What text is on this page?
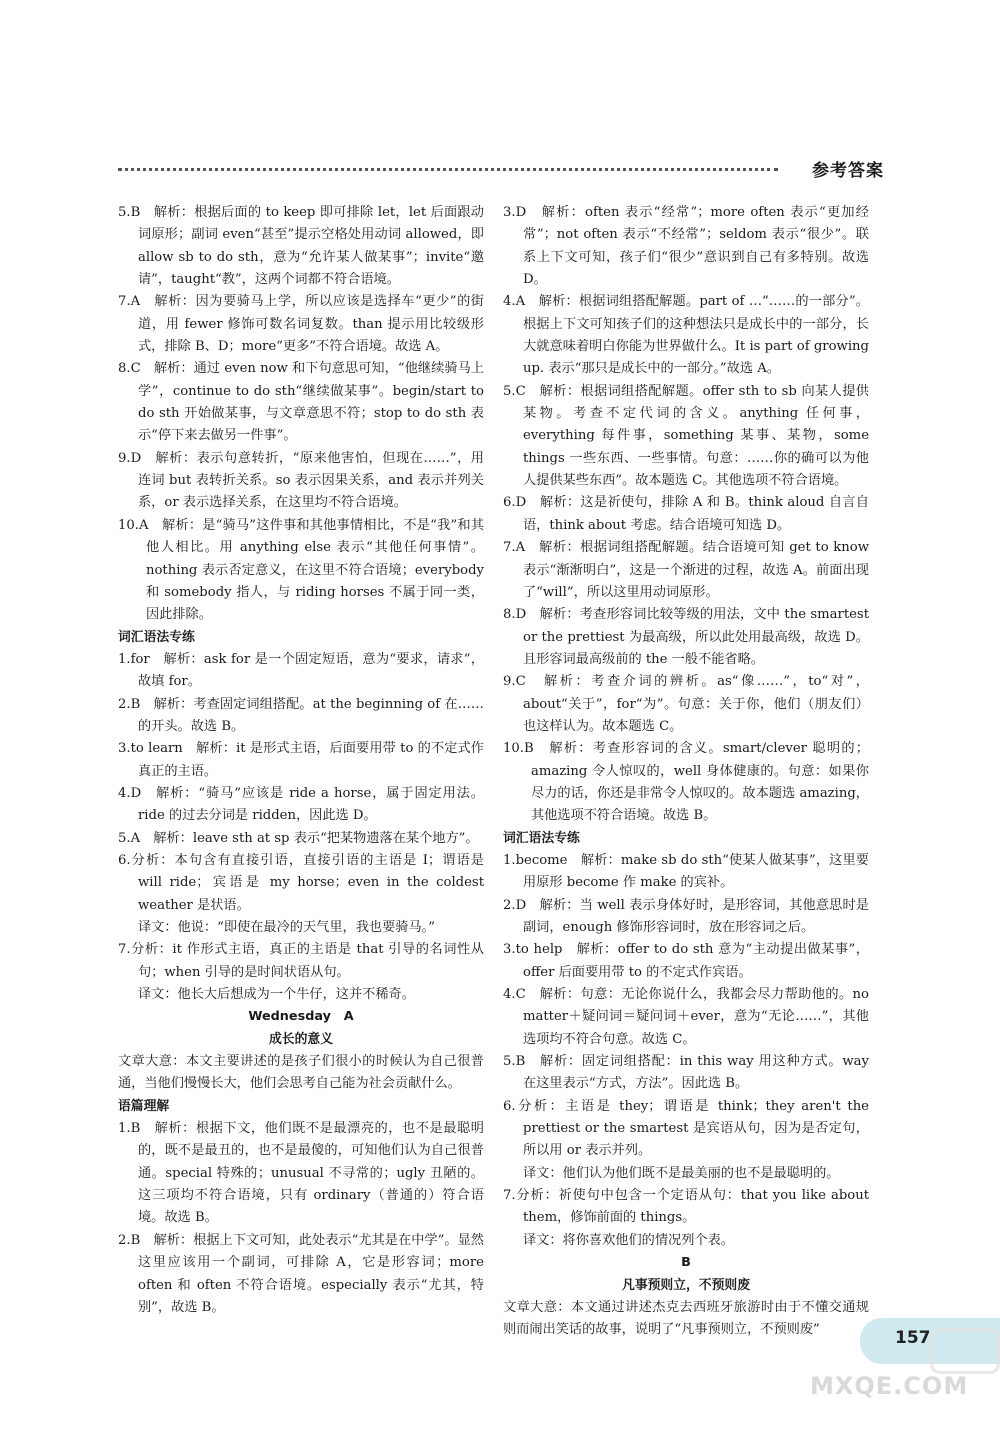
参考答案

5.B　解析：根据后面的 to keep 即可排除 let，let 后面跟动词原形；副词 even“甚至”提示空格处用动词 allowed，即 allow sb to do sth，意为“允许某人做某事”；invite“邀请”，taught“教”，这两个词都不符合语境。

7.A　解析：因为要骑马上学，所以应该是选择车“更少”的街道，用 fewer 修饰可数名词复数。than 提示用比较级形式，排除 B、D；more“更多”不符合语境。故选 A。

8.C　解析：通过 even now 和下句意思可知，“他继续骑马上学”，continue to do sth“继续做某事”。begin/start to do sth 开始做某事，与文章意思不符；stop to do sth 表示“停下来去做另一件事”。

9.D　解析：表示句意转折，“原来他害怕，但现在……”，用连词 but 表转折关系。so 表示因果关系，and 表示并列关系，or 表示选择关系，在这里均不符合语境。

10.A　解析：是“骑马”这件事和其他事情相比，不是“我”和其他人相比。用 anything else 表示“其他任何事情”。nothing 表示否定意义，在这里不符合语境；everybody 和 somebody 指人，与 riding horses 不属于同一类，因此排除。

词汇语法专练

1.for　解析：ask for 是一个固定短语，意为“要求，请求”，故填 for。

2.B　解析：考查固定词组搭配。at the beginning of 在……的开头。故选 B。

3.to learn　解析：it 是形式主语，后面要用带 to 的不定式作真正的主语。

4.D　解析：“骑马”应该是 ride a horse，属于固定用法。ride 的过去分词是 ridden，因此选 D。

5.A　解析：leave sth at sp 表示“把某物遗落在某个地方”。

6.分析：本句含有直接引语，直接引语的主语是 I；谓语是 will ride；宾语是 my horse；even in the coldest weather 是状语。

译文：他说：“即使在最冷的天气里，我也要骑马。”

7.分析：it 作形式主语，真正的主语是 that 引导的名词性从句；when 引导的是时间状语从句。

译文：他长大后想成为一个牛仔，这并不稀奇。

Wednesday　A

成长的意义

文章大意：本文主要讲述的是孩子们很小的时候认为自己很普通，当他们慢慢长大，他们会思考自己能为社会贡献什么。

语篇理解

1.B　解析：根据下文，他们既不是最漂亮的，也不是最聪明的，既不是最丑的，也不是最傻的，可知他们认为自己很普通。special 特殊的；unusual 不寻常的；ugly 丑陋的。这三项均不符合语境，只有 ordinary（普通的）符合语境。故选 B。

2.B　解析：根据上下文可知，此处表示“尤其是在中学”。显然这里应该用一个副词，可排除 A，它是形容词；more often 和 often 不符合语境。especially 表示“尤其，特别”，故选 B。

3.D　解析：often 表示“经常”；more often 表示“更加经常”；not often 表示“不经常”；seldom 表示“很少”。联系上下文可知，孩子们“很少”意识到自己有多特别。故选 D。

4.A　解析：根据词组搭配解题。part of …“……的一部分”。根据上下文可知孩子们的这种想法只是成长中的一部分，长大就意味着明白你能为世界做什么。It is part of growing up. 表示“那只是成长中的一部分。”故选 A。

5.C　解析：根据词组搭配解题。offer sth to sb 向某人提供某物。考查不定代词的含义。anything 任何事，everything 每件事，something 某事、某物，some things 一些东西、一些事情。句意：……你的确可以为他人提供某些东西”。故本题选 C。其他选项不符合语境。

6.D　解析：这是祈使句，排除 A 和 B。think aloud 自言自语，think about 考虑。结合语境可知选 D。

7.A　解析：根据词组搭配解题。结合语境可知 get to know 表示“渐渐明白”，这是一个渐进的过程，故选 A。前面出现了“will”，所以这里用动词原形。

8.D　解析：考查形容词比较等级的用法，文中 the smartest or the prettiest 为最高级，所以此处用最高级，故选 D。且形容词最高级前的 the 一般不能省略。

9.C　解析：考查介词的辨析。as“像……”，to“对”，about“关于”，for“为”。句意：关于你，他们（朋友们）也这样认为。故本题选 C。

10.B　解析：考查形容词的含义。smart/clever 聪明的；amazing 令人惊叹的，well 身体健康的。句意：如果你尽力的话，你还是非常令人惊叹的。故本题选 amazing，其他选项不符合语境。故选 B。

词汇语法专练

1.become　解析：make sb do sth“使某人做某事”，这里要用原形 become 作 make 的宾补。

2.D　解析：当 well 表示身体好时，是形容词，其他意思时是副词，enough 修饰形容词时，放在形容词之后。

3.to help　解析：offer to do sth 意为“主动提出做某事”，offer 后面要用带 to 的不定式作宾语。

4.C　解析：句意：无论你说什么，我都会尽力帮助他的。no matter＋疑问词＝疑问词＋ever，意为“无论……”，其他选项均不符合句意。故选 C。

5.B　解析：固定词组搭配：in this way 用这种方式。way 在这里表示“方式，方法”。因此选 B。

6.分析：主语是 they；谓语是 think；they aren't the prettiest or the smartest 是宾语从句，因为是否定句，所以用 or 表示并列。

译文：他们认为他们既不是最美丽的也不是最聪明的。

7.分析：祈使句中包含一个定语从句：that you like about them，修饰前面的 things。

译文：将你喜欢他们的情况列个表。

B

凡事预则立，不预则废

文章大意：本文通过讲述杰克去西班牙旅游时由于不懂交通规则而闹出笑话的故事，说明了“凡事预则立，不预则废”	157
MXQE.COM
